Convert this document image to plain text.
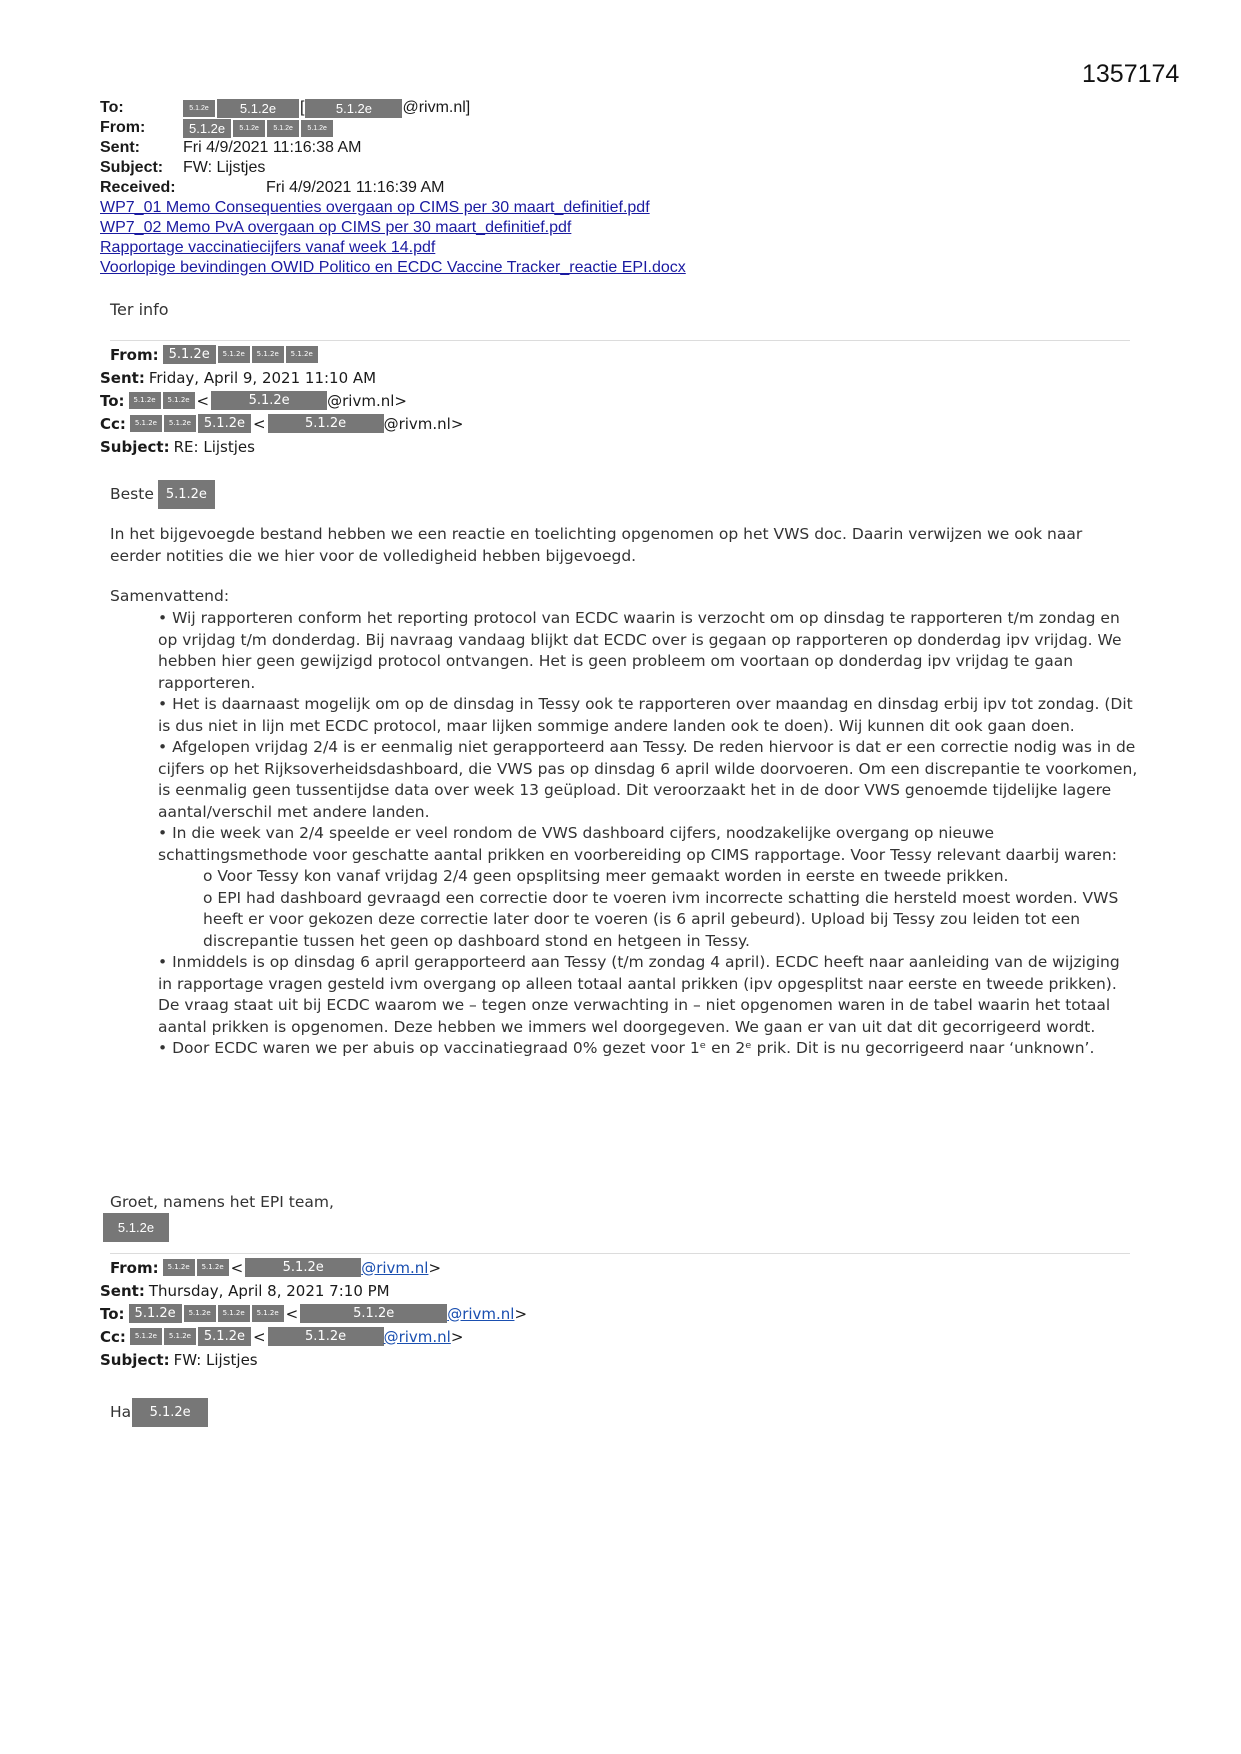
1357174
To:	5.1.2e	5.1.2e	[	5.1.2e	@rivm.nl]
From:	5.1.2e	5.1.2e	5.1.2e	5.1.2e
Sent:	Fri 4/9/2021 11:16:38 AM
Subject:	FW: Lijstjes
Received:	Fri 4/9/2021 11:16:39 AM
WP7_01 Memo Consequenties overgaan op CIMS per 30 maart_definitief.pdf
WP7_02 Memo PvA overgaan op CIMS per 30 maart_definitief.pdf
Rapportage vaccinatiecijfers vanaf week 14.pdf
Voorlopige bevindingen OWID Politico en ECDC Vaccine Tracker_reactie EPI.docx
Ter info
From: 5.1.2e	5.1.2e	5.1.2e	5.1.2e
Sent: Friday, April 9, 2021 11:10 AM
To:	5.1.2e	5.1.2e <	5.1.2e	@rivm.nl>
Cc:	5.1.2e	5.1.2e 5.1.2e <	5.1.2e	@rivm.nl>
Subject: RE: Lijstjes
Beste 5.1.2e
In het bijgevoegde bestand hebben we een reactie en toelichting opgenomen op het VWS doc. Daarin verwijzen we ook naar eerder notities die we hier voor de volledigheid hebben bijgevoegd.
Samenvattend:

• Wij rapporteren conform het reporting protocol van ECDC waarin is verzocht om op dinsdag te rapporteren t/m zondag en op vrijdag t/m donderdag. Bij navraag vandaag blijkt dat ECDC over is gegaan op rapporteren op donderdag ipv vrijdag. We hebben hier geen gewijzigd protocol ontvangen. Het is geen probleem om voortaan op donderdag ipv vrijdag te gaan rapporteren.

• Het is daarnaast mogelijk om op de dinsdag in Tessy ook te rapporteren over maandag en dinsdag erbij ipv tot zondag. (Dit is dus niet in lijn met ECDC protocol, maar lijken sommige andere landen ook te doen). Wij kunnen dit ook gaan doen.

• Afgelopen vrijdag 2/4 is er eenmalig niet gerapporteerd aan Tessy. De reden hiervoor is dat er een correctie nodig was in de cijfers op het Rijksoverheidsdashboard, die VWS pas op dinsdag 6 april wilde doorvoeren. Om een discrepantie te voorkomen, is eenmalig geen tussentijdse data over week 13 geüpload. Dit veroorzaakt het in de door VWS genoemde tijdelijke lagere aantal/verschil met andere landen.

• In die week van 2/4 speelde er veel rondom de VWS dashboard cijfers, noodzakelijke overgang op nieuwe schattingsmethode voor geschatte aantal prikken en voorbereiding op CIMS rapportage. Voor Tessy relevant daarbij waren:

o Voor Tessy kon vanaf vrijdag 2/4 geen opsplitsing meer gemaakt worden in eerste en tweede prikken.

o EPI had dashboard gevraagd een correctie door te voeren ivm incorrecte schatting die hersteld moest worden. VWS heeft er voor gekozen deze correctie later door te voeren (is 6 april gebeurd). Upload bij Tessy zou leiden tot een discrepantie tussen het geen op dashboard stond en hetgeen in Tessy.

• Inmiddels is op dinsdag 6 april gerapporteerd aan Tessy (t/m zondag 4 april). ECDC heeft naar aanleiding van de wijziging in rapportage vragen gesteld ivm overgang op alleen totaal aantal prikken (ipv opgesplitst naar eerste en tweede prikken). De vraag staat uit bij ECDC waarom we – tegen onze verwachting in – niet opgenomen waren in de tabel waarin het totaal aantal prikken is opgenomen. Deze hebben we immers wel doorgegeven. We gaan er van uit dat dit gecorrigeerd wordt.

• Door ECDC waren we per abuis op vaccinatiegraad 0% gezet voor 1ᵉ en 2ᵉ prik. Dit is nu gecorrigeerd naar ‘unknown’.

Groet, namens het EPI team,
5.1.2e
From:	5.1.2e	5.1.2e <	5.1.2e	@rivm.nl >
Sent: Thursday, April 8, 2021 7:10 PM
To: 5.1.2e	5.1.2e	5.1.2e	5.1.2e <	5.1.2e	@rivm.nl >
Cc:	5.1.2e	5.1.2e 5.1.2e <	5.1.2e	@rivm.nl >
Subject: FW: Lijstjes
Ha	5.1.2e
